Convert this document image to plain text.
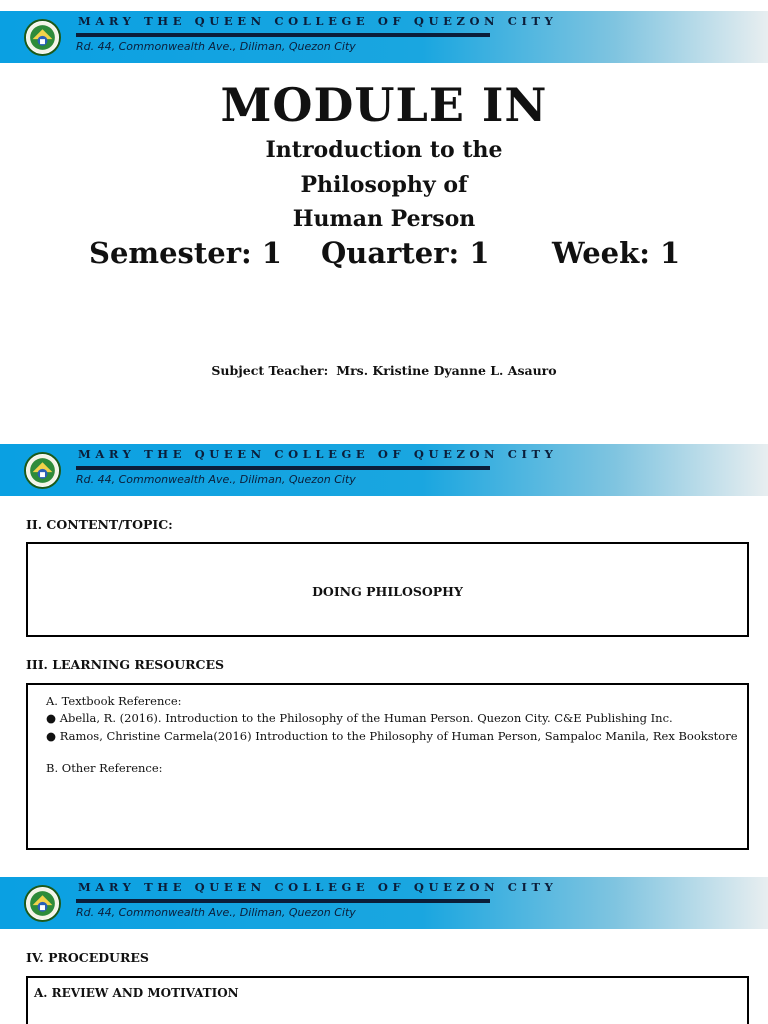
MARY THE QUEEN COLLEGE OF QUEZON CITY
Rd. 44, Commonwealth Ave., Diliman, Quezon City
MODULE IN
Introduction to the
Philosophy of
Human Person
Semester: 1 Quarter: 1 Week: 1
Subject Teacher: Mrs. Kristine Dyanne L. Asauro
MARY THE QUEEN COLLEGE OF QUEZON CITY
Rd. 44, Commonwealth Ave., Diliman, Quezon City
II. CONTENT/TOPIC:
DOING PHILOSOPHY
III. LEARNING RESOURCES
A. Textbook Reference:
● Abella, R. (2016). Introduction to the Philosophy of the Human Person. Quezon City. C&E Publishing Inc.
● Ramos, Christine Carmela(2016) Introduction to the Philosophy of Human Person, Sampaloc Manila, Rex Bookstore
B. Other Reference:
MARY THE QUEEN COLLEGE OF QUEZON CITY
Rd. 44, Commonwealth Ave., Diliman, Quezon City
IV. PROCEDURES
A. REVIEW AND MOTIVATION
